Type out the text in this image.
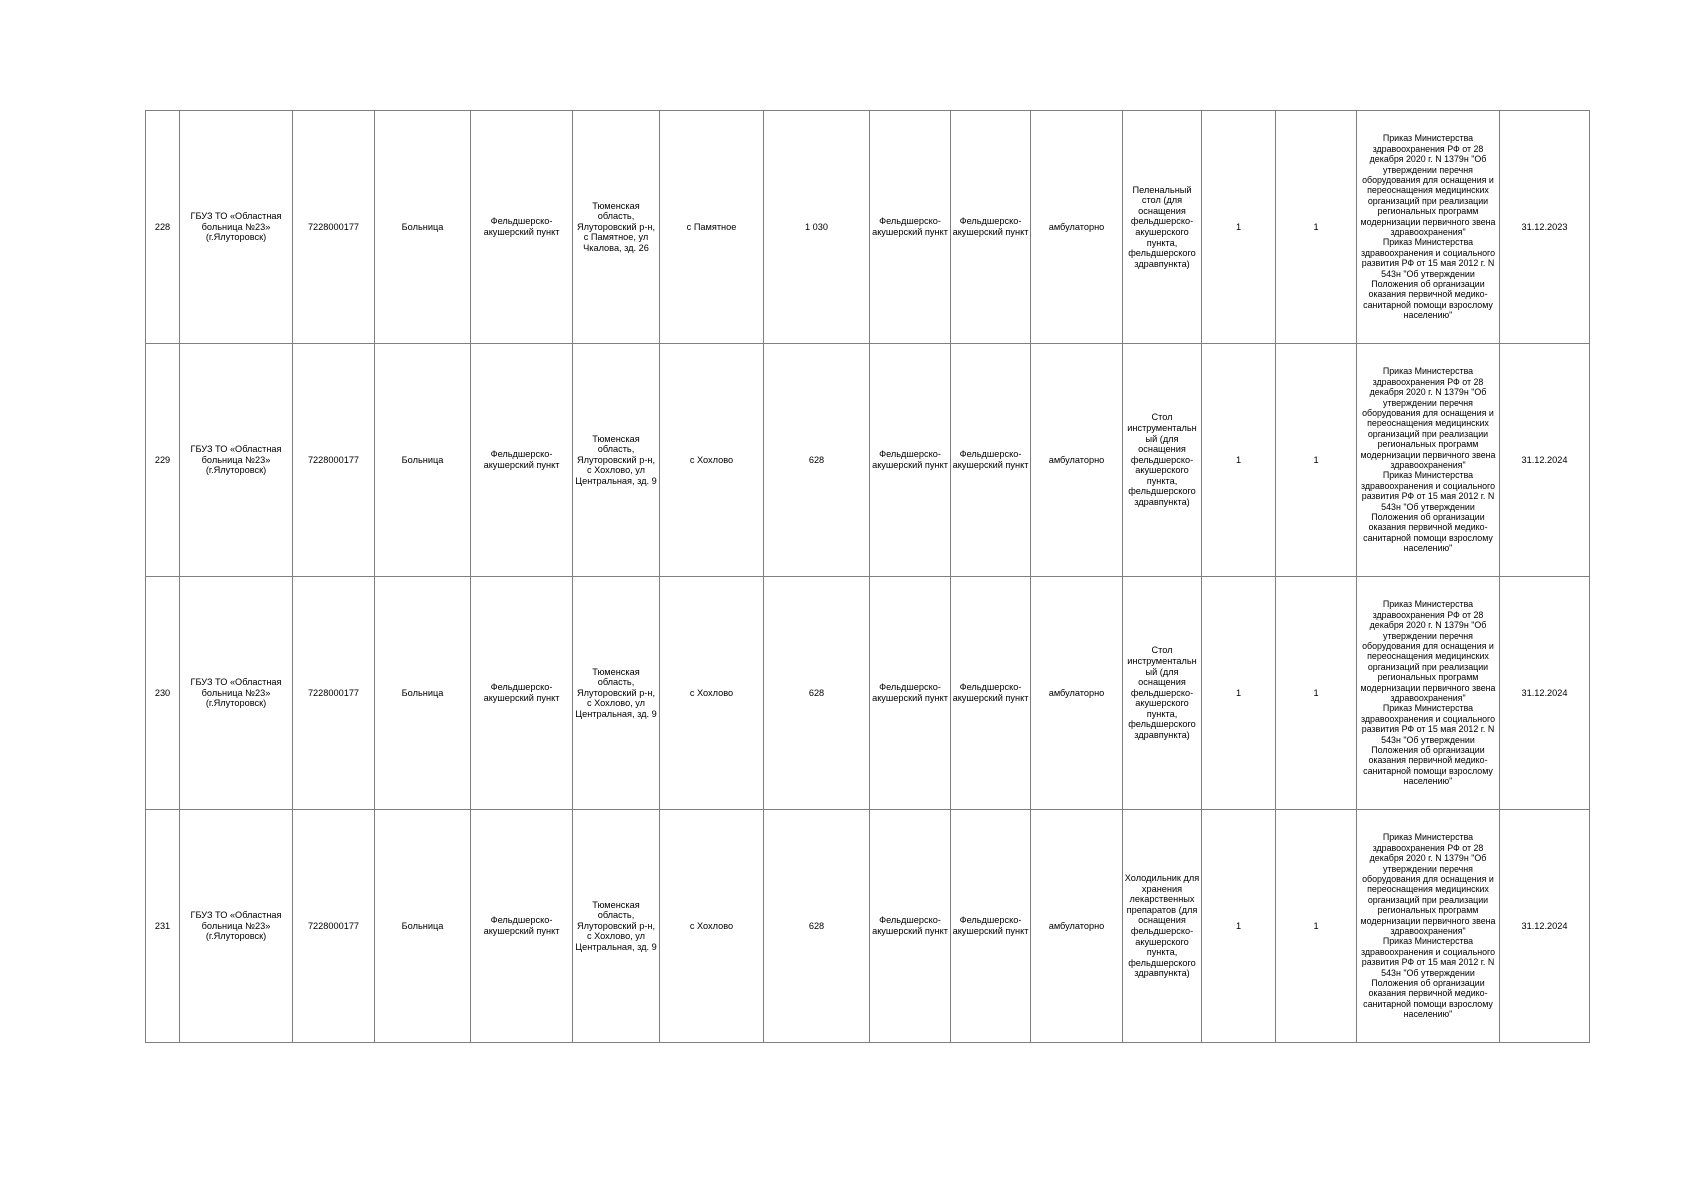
228	ГБУЗ ТО «Областная больница №23» (г.Ялуторовск)	7228000177	Больница	Фельдшерско-акушерский пункт	Тюменская область, Ялуторовский р-н, с Памятное, ул Чкалова, зд. 26	с Памятное	1 030	Фельдшерско-акушерский пункт	Фельдшерско-акушерский пункт	амбулаторно	Пеленальный стол (для оснащения фельдшерско-акушерского пункта, фельдшерского здравпункта)	1	1	Приказ Министерства здравоохранения РФ от 28 декабря 2020 г. N 1379н "Об утверждении перечня оборудования для оснащения и переоснащения медицинских организаций при реализации региональных программ модернизации первичного звена здравоохранения"
Приказ Министерства здравоохранения и социального развития РФ от 15 мая 2012 г. N 543н "Об утверждении Положения об организации оказания первичной медико-санитарной помощи взрослому населению"	31.12.2023
229	ГБУЗ ТО «Областная больница №23» (г.Ялуторовск)	7228000177	Больница	Фельдшерско-акушерский пункт	Тюменская область, Ялуторовский р-н, с Хохлово, ул Центральная, зд. 9	с Хохлово	628	Фельдшерско-акушерский пункт	Фельдшерско-акушерский пункт	амбулаторно	Стол инструментальный (для оснащения фельдшерско-акушерского пункта, фельдшерского здравпункта)	1	1	Приказ Министерства здравоохранения РФ от 28 декабря 2020 г. N 1379н "Об утверждении перечня оборудования для оснащения и переоснащения медицинских организаций при реализации региональных программ модернизации первичного звена здравоохранения"
Приказ Министерства здравоохранения и социального развития РФ от 15 мая 2012 г. N 543н "Об утверждении Положения об организации оказания первичной медико-санитарной помощи взрослому населению"	31.12.2024
230	ГБУЗ ТО «Областная больница №23» (г.Ялуторовск)	7228000177	Больница	Фельдшерско-акушерский пункт	Тюменская область, Ялуторовский р-н, с Хохлово, ул Центральная, зд. 9	с Хохлово	628	Фельдшерско-акушерский пункт	Фельдшерско-акушерский пункт	амбулаторно	Стол инструментальный (для оснащения фельдшерско-акушерского пункта, фельдшерского здравпункта)	1	1	Приказ Министерства здравоохранения РФ от 28 декабря 2020 г. N 1379н "Об утверждении перечня оборудования для оснащения и переоснащения медицинских организаций при реализации региональных программ модернизации первичного звена здравоохранения"
Приказ Министерства здравоохранения и социального развития РФ от 15 мая 2012 г. N 543н "Об утверждении Положения об организации оказания первичной медико-санитарной помощи взрослому населению"	31.12.2024
231	ГБУЗ ТО «Областная больница №23» (г.Ялуторовск)	7228000177	Больница	Фельдшерско-акушерский пункт	Тюменская область, Ялуторовский р-н, с Хохлово, ул Центральная, зд. 9	с Хохлово	628	Фельдшерско-акушерский пункт	Фельдшерско-акушерский пункт	амбулаторно	Холодильник для хранения лекарственных препаратов (для оснащения фельдшерско-акушерского пункта, фельдшерского здравпункта)	1	1	Приказ Министерства здравоохранения РФ от 28 декабря 2020 г. N 1379н "Об утверждении перечня оборудования для оснащения и переоснащения медицинских организаций при реализации региональных программ модернизации первичного звена здравоохранения"
Приказ Министерства здравоохранения и социального развития РФ от 15 мая 2012 г. N 543н "Об утверждении Положения об организации оказания первичной медико-санитарной помощи взрослому населению"	31.12.2024
